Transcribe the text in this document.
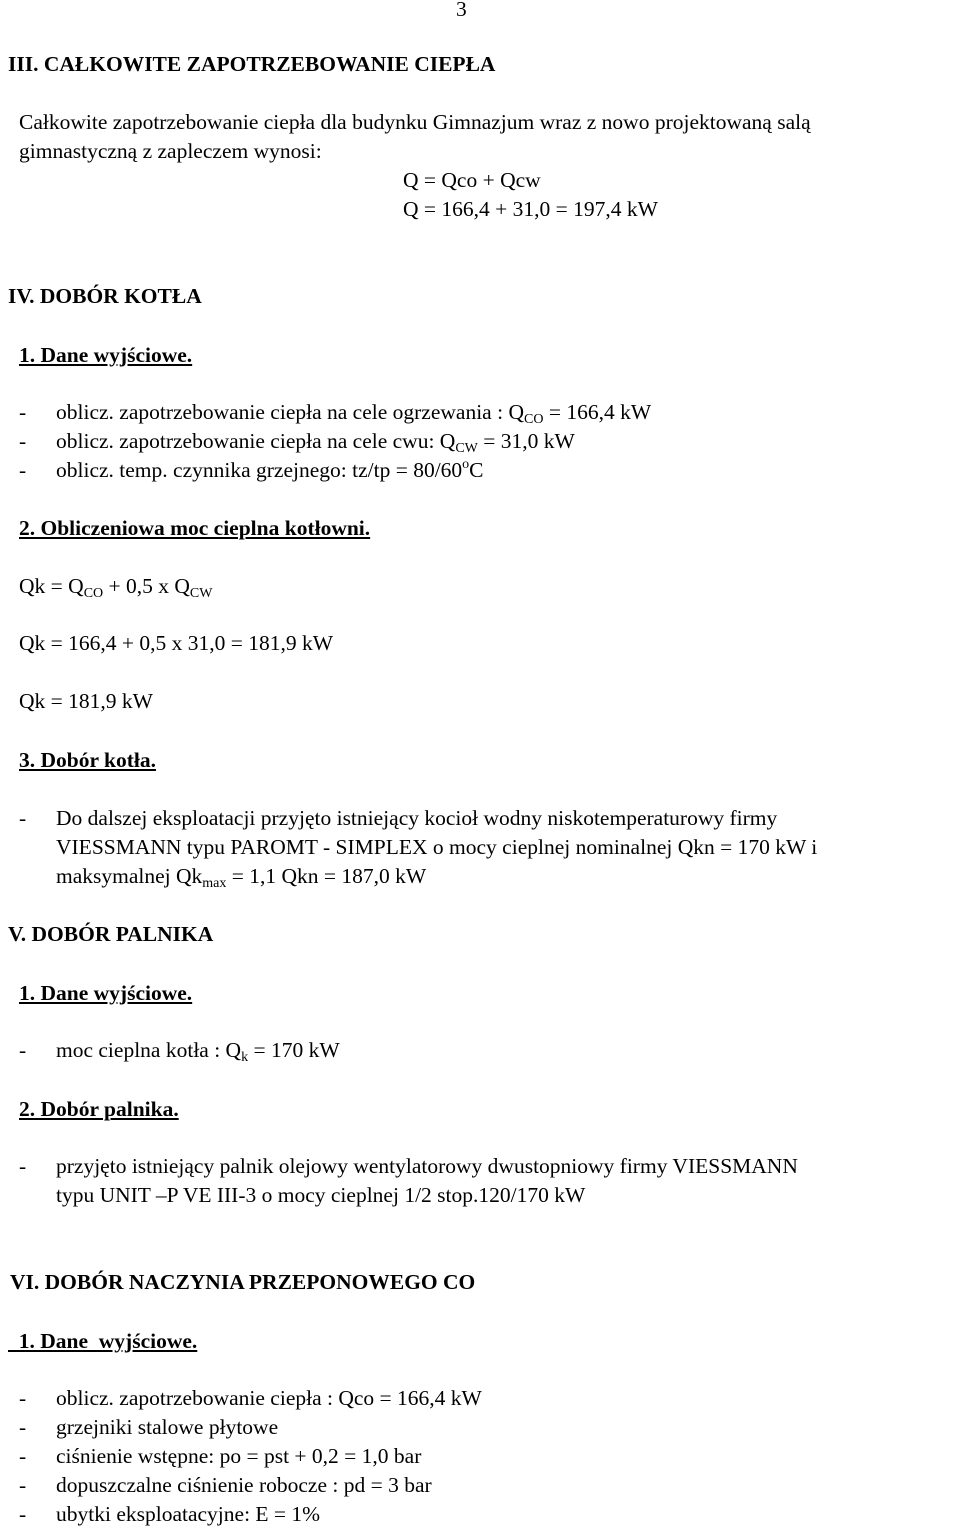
3
III. CAŁKOWITE ZAPOTRZEBOWANIE CIEPŁA
Całkowite zapotrzebowanie ciepła dla budynku Gimnazjum wraz z nowo projektowaną salą
gimnastyczną z zapleczem wynosi:
Q = Qco + Qcw
Q = 166,4 + 31,0 = 197,4 kW
IV. DOBÓR KOTŁA
1. Dane wyjściowe.
- oblicz. zapotrzebowanie ciepła na cele ogrzewania : $Q_{CO} = 166,4$ kW
- oblicz. zapotrzebowanie ciepła na cele cwu: $Q_{CW} = 31,0$ kW
- oblicz. temp. czynnika grzejnego: $tz/tp = 80/60^oC$
2. Obliczeniowa moc cieplna kotłowni.
$Qk = Q_{CO} + 0,5$ x $Q_{CW}$
Qk = 166,4 + 0,5 x 31,0 = 181,9 kW
Qk = 181,9 kW
3. Dobór kotła.
- Do dalszej eksploatacji przyjęto istniejący kocioł wodny niskotemperaturowy firmy
VIESSMANN typu PAROMT - SIMPLEX o mocy cieplnej nominalnej Qkn = 170 kW i
maksymalnej $Qk_{max} = 1,1$ Qkn = 187,0 kW
V. DOBÓR PALNIKA
1. Dane wyjściowe.
- moc cieplna kotła : $Q_k = 170$ kW
2. Dobór palnika.
- przyjęto istniejący palnik olejowy wentylatorowy dwustopniowy firmy VIESSMANN
typu UNIT –P VE III-3 o mocy cieplnej 1/2 stop.120/170 kW
VI. DOBÓR NACZYNIA PRZEPONOWEGO CO
1. Dane  wyjściowe.
- oblicz. zapotrzebowanie ciepła : Qco = 166,4 kW
- grzejniki stalowe płytowe
- ciśnienie wstępne: po = pst + 0,2 = 1,0 bar
- dopuszczalne ciśnienie robocze : pd = 3 bar
- ubytki eksploatacyjne: E = 1%
